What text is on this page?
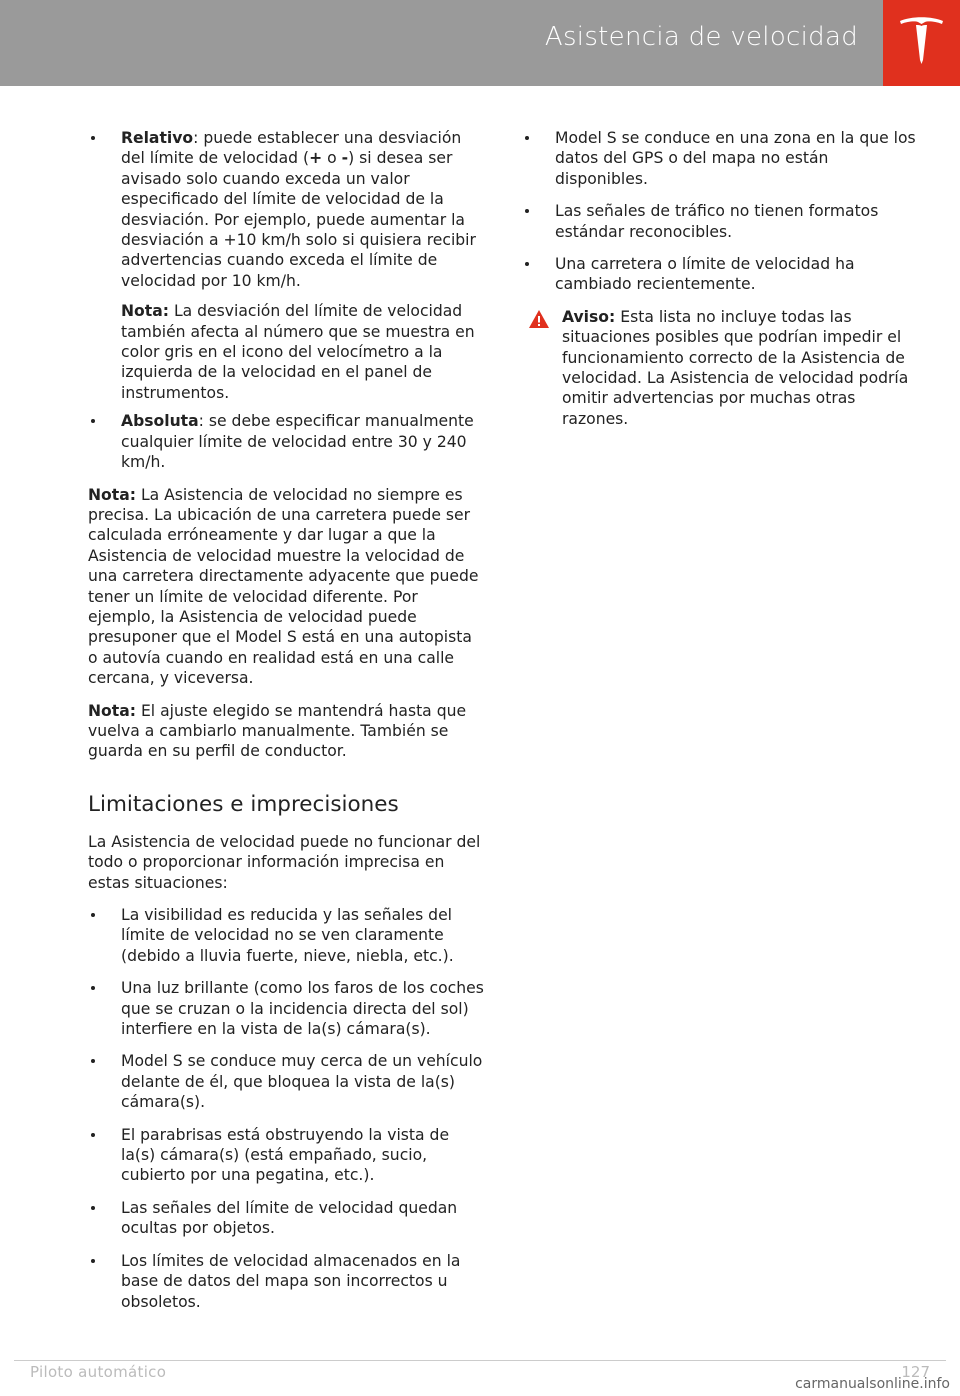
Asistencia de velocidad
Relativo: puede establecer una desviación del límite de velocidad (+ o -) si desea ser avisado solo cuando exceda un valor especificado del límite de velocidad de la desviación. Por ejemplo, puede aumentar la desviación a +10 km/h solo si quisiera recibir advertencias cuando exceda el límite de velocidad por 10 km/h.
Nota: La desviación del límite de velocidad también afecta al número que se muestra en color gris en el icono del velocímetro a la izquierda de la velocidad en el panel de instrumentos.
Absoluta: se debe especificar manualmente cualquier límite de velocidad entre 30 y 240 km/h.
Nota: La Asistencia de velocidad no siempre es precisa. La ubicación de una carretera puede ser calculada erróneamente y dar lugar a que la Asistencia de velocidad muestre la velocidad de una carretera directamente adyacente que puede tener un límite de velocidad diferente. Por ejemplo, la Asistencia de velocidad puede presuponer que el Model S está en una autopista o autovía cuando en realidad está en una calle cercana, y viceversa.
Nota: El ajuste elegido se mantendrá hasta que vuelva a cambiarlo manualmente. También se guarda en su perfil de conductor.
Limitaciones e imprecisiones
La Asistencia de velocidad puede no funcionar del todo o proporcionar información imprecisa en estas situaciones:
La visibilidad es reducida y las señales del límite de velocidad no se ven claramente (debido a lluvia fuerte, nieve, niebla, etc.).
Una luz brillante (como los faros de los coches que se cruzan o la incidencia directa del sol) interfiere en la vista de la(s) cámara(s).
Model S se conduce muy cerca de un vehículo delante de él, que bloquea la vista de la(s) cámara(s).
El parabrisas está obstruyendo la vista de la(s) cámara(s) (está empañado, sucio, cubierto por una pegatina, etc.).
Las señales del límite de velocidad quedan ocultas por objetos.
Los límites de velocidad almacenados en la base de datos del mapa son incorrectos u obsoletos.
Model S se conduce en una zona en la que los datos del GPS o del mapa no están disponibles.
Las señales de tráfico no tienen formatos estándar reconocibles.
Una carretera o límite de velocidad ha cambiado recientemente.
Aviso: Esta lista no incluye todas las situaciones posibles que podrían impedir el funcionamiento correcto de la Asistencia de velocidad. La Asistencia de velocidad podría omitir advertencias por muchas otras razones.
Piloto automático	127
carmanualsonline.info
